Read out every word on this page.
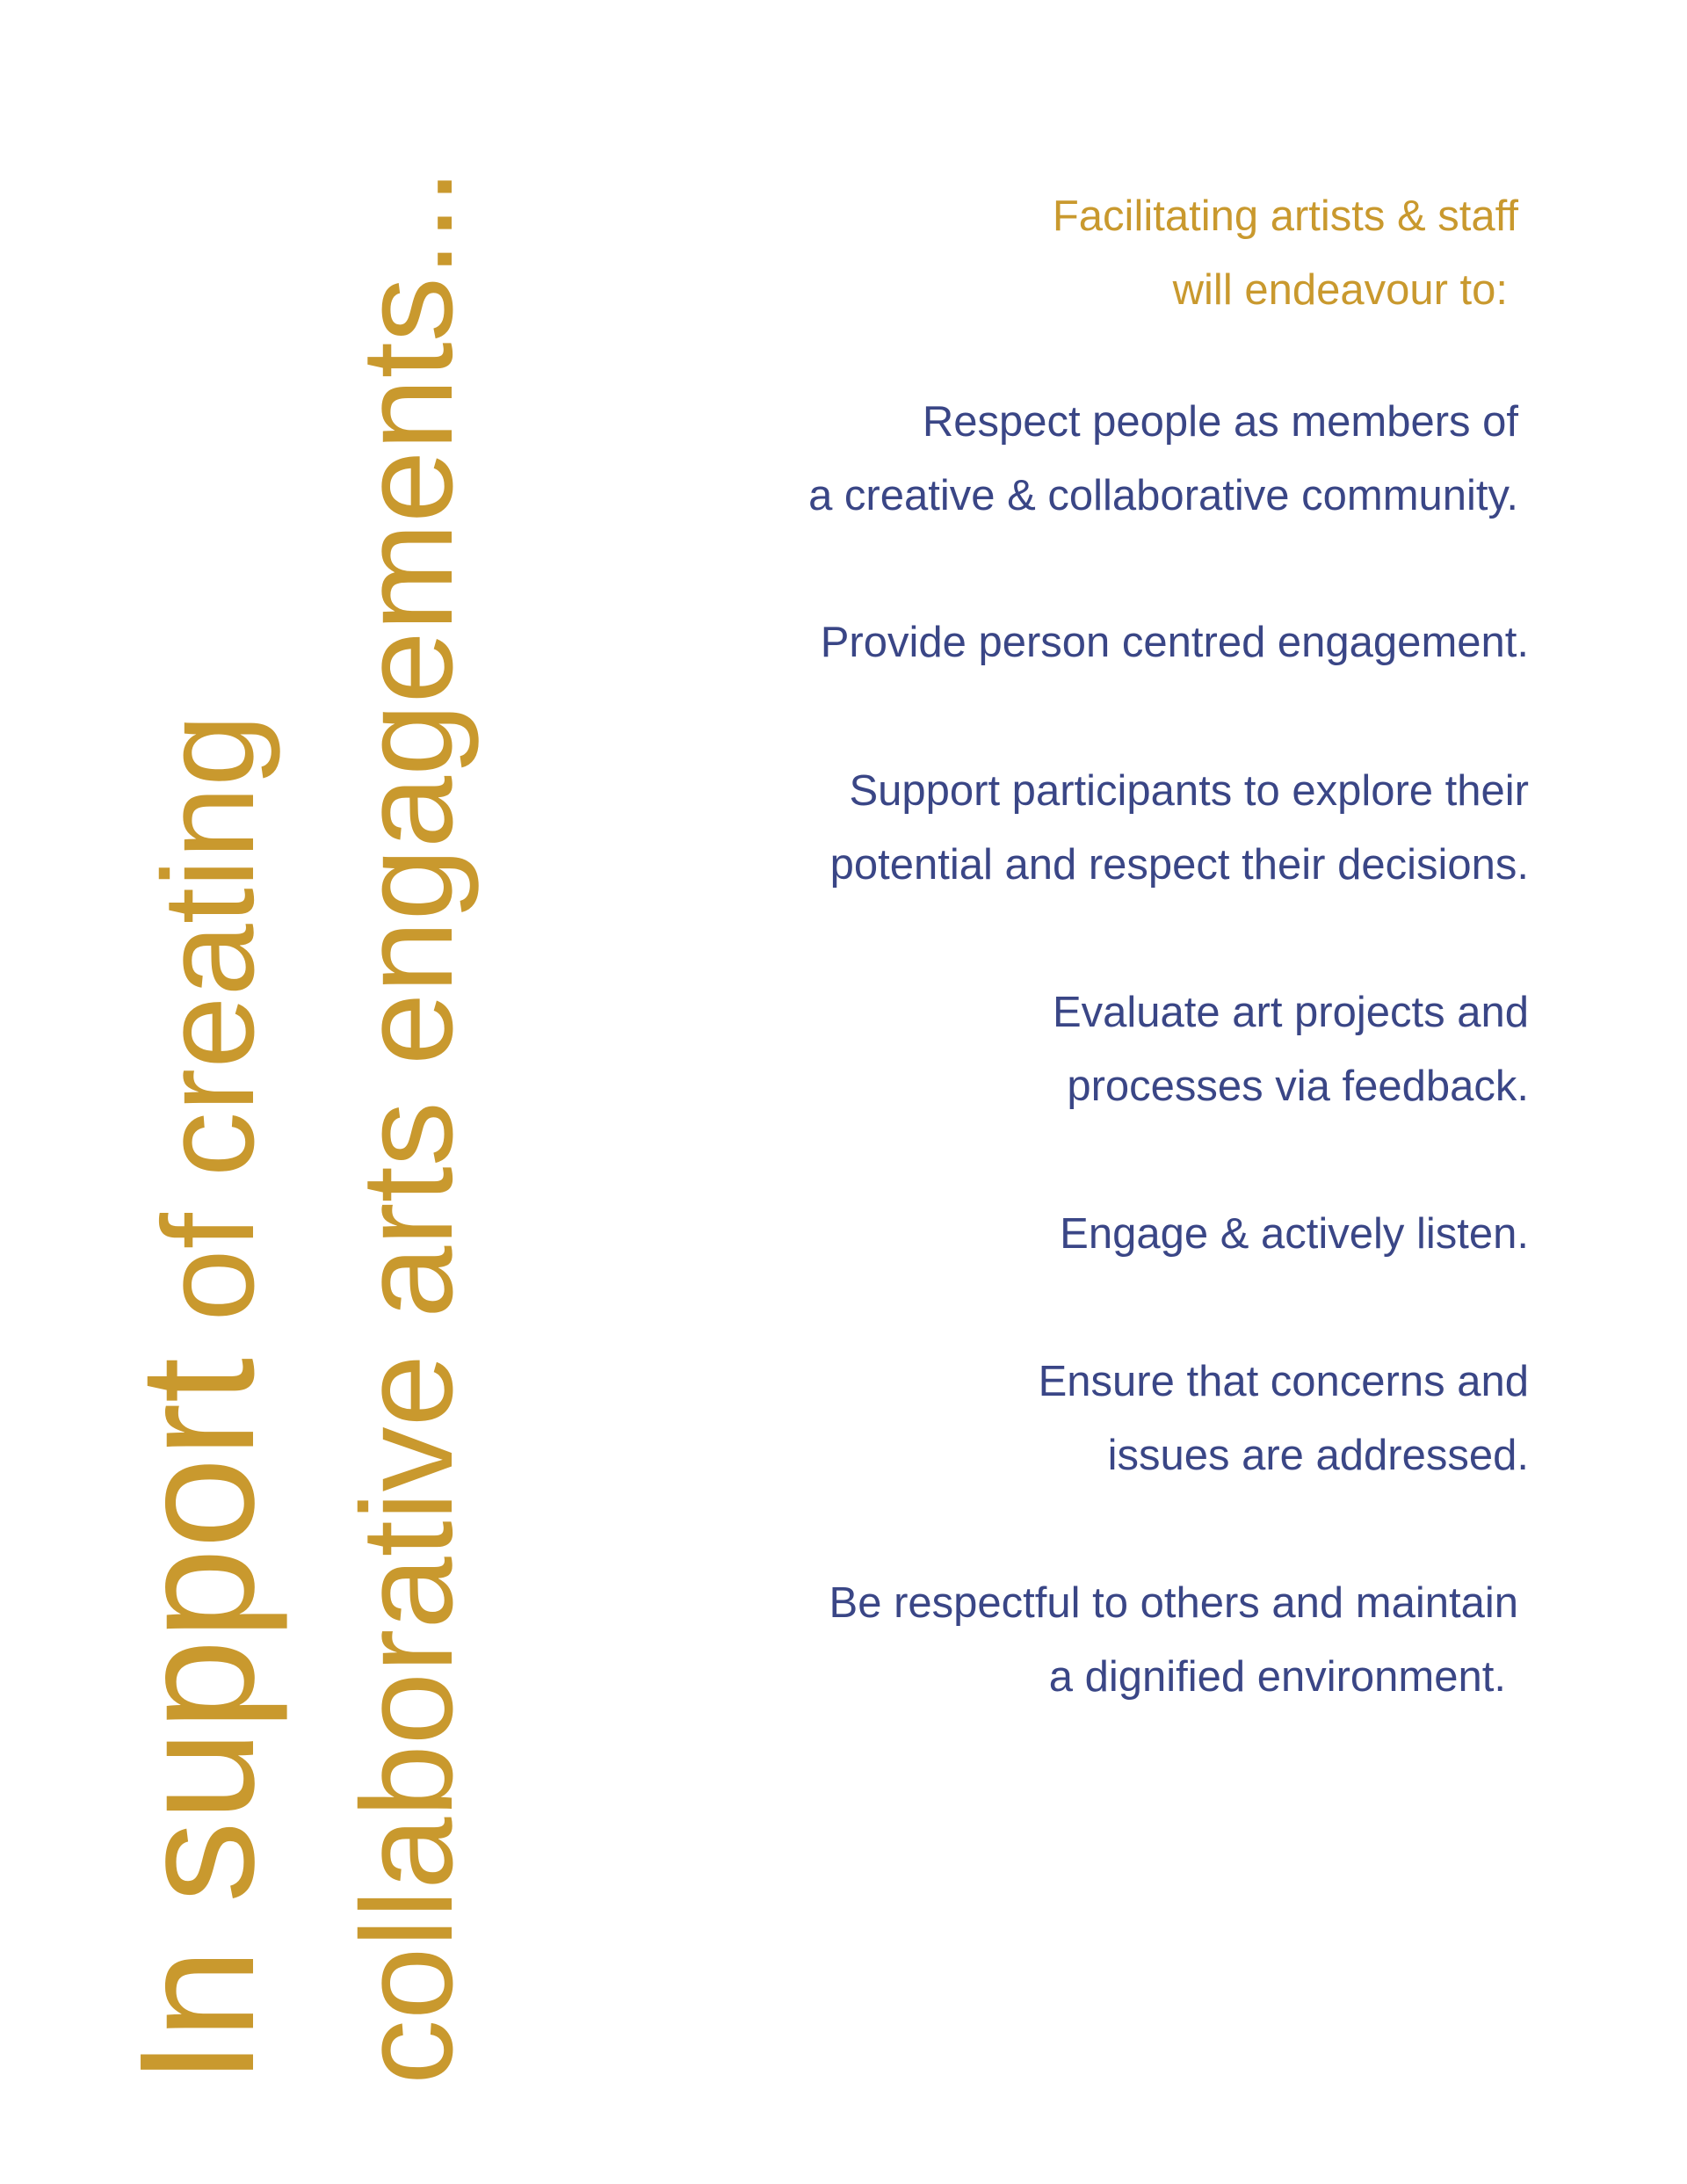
In support of creating collaborative arts engagements...	Facilitating artists & staff
will endeavour to:
Respect people as members of
a creative & collaborative community.
Provide person centred engagement.
Support participants to explore their
potential and respect their decisions.
Evaluate art projects and
processes via feedback.
Engage & actively listen.
Ensure that concerns and
issues are addressed.
Be respectful to others and maintain
a dignified environment.
